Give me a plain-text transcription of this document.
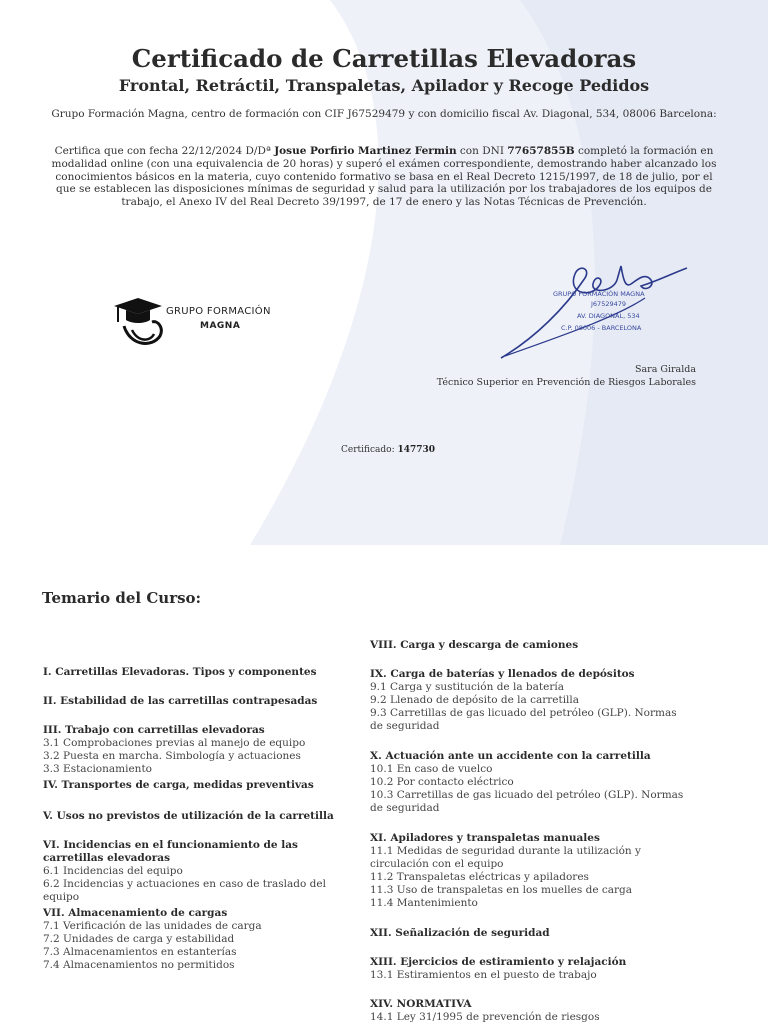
Certificado de Carretillas Elevadoras
Frontal, Retráctil, Transpaletas, Apilador y Recoge Pedidos
Grupo Formación Magna, centro de formación con CIF J67529479 y con domicilio fiscal Av. Diagonal, 534, 08006 Barcelona:
Certifica que con fecha 22/12/2024 D/Dª Josue Porfirio Martinez Fermin con DNI 77657855B completó la formación en modalidad online (con una equivalencia de 20 horas) y superó el exámen correspondiente, demostrando haber alcanzado los conocimientos básicos en la materia, cuyo contenido formativo se basa en el Real Decreto 1215/1997, de 18 de julio, por el que se establecen las disposiciones mínimas de seguridad y salud para la utilización por los trabajadores de los equipos de trabajo, el Anexo IV del Real Decreto 39/1997, de 17 de enero y las Notas Técnicas de Prevención.
GRUPO FORMACIÓN
MAGNA
GRUPO FORMACIÓN MAGNA
J67529479
AV. DIAGONAL, 534
C.P. 08006 - BARCELONA
Sara Giralda
Técnico Superior en Prevención de Riesgos Laborales
Certificado: 147730
Temario del Curso:
I. Carretillas Elevadoras. Tipos y componentes
II. Estabilidad de las carretillas contrapesadas
III. Trabajo con carretillas elevadoras
3.1 Comprobaciones previas al manejo de equipo
3.2 Puesta en marcha. Simbología y actuaciones
3.3 Estacionamiento
IV. Transportes de carga, medidas preventivas
V. Usos no previstos de utilización de la carretilla
VI. Incidencias en el funcionamiento de las carretillas elevadoras
6.1 Incidencias del equipo
6.2 Incidencias y actuaciones en caso de traslado del equipo
VII. Almacenamiento de cargas
7.1 Verificación de las unidades de carga
7.2 Unidades de carga y estabilidad
7.3 Almacenamientos en estanterías
7.4 Almacenamientos no permitidos
VIII. Carga y descarga de camiones
IX. Carga de baterías y llenados de depósitos
9.1 Carga y sustitución de la batería
9.2 Llenado de depósito de la carretilla
9.3 Carretillas de gas licuado del petróleo (GLP). Normas de seguridad
X. Actuación ante un accidente con la carretilla
10.1 En caso de vuelco
10.2 Por contacto eléctrico
10.3 Carretillas de gas licuado del petróleo (GLP). Normas de seguridad
XI. Apiladores y transpaletas manuales
11.1 Medidas de seguridad durante la utilización y circulación con el equipo
11.2 Transpaletas eléctricas y apiladores
11.3 Uso de transpaletas en los muelles de carga
11.4 Mantenimiento
XII. Señalización de seguridad
XIII. Ejercicios de estiramiento y relajación
13.1 Estiramientos en el puesto de trabajo
XIV. NORMATIVA
14.1 Ley 31/1995 de prevención de riesgos
